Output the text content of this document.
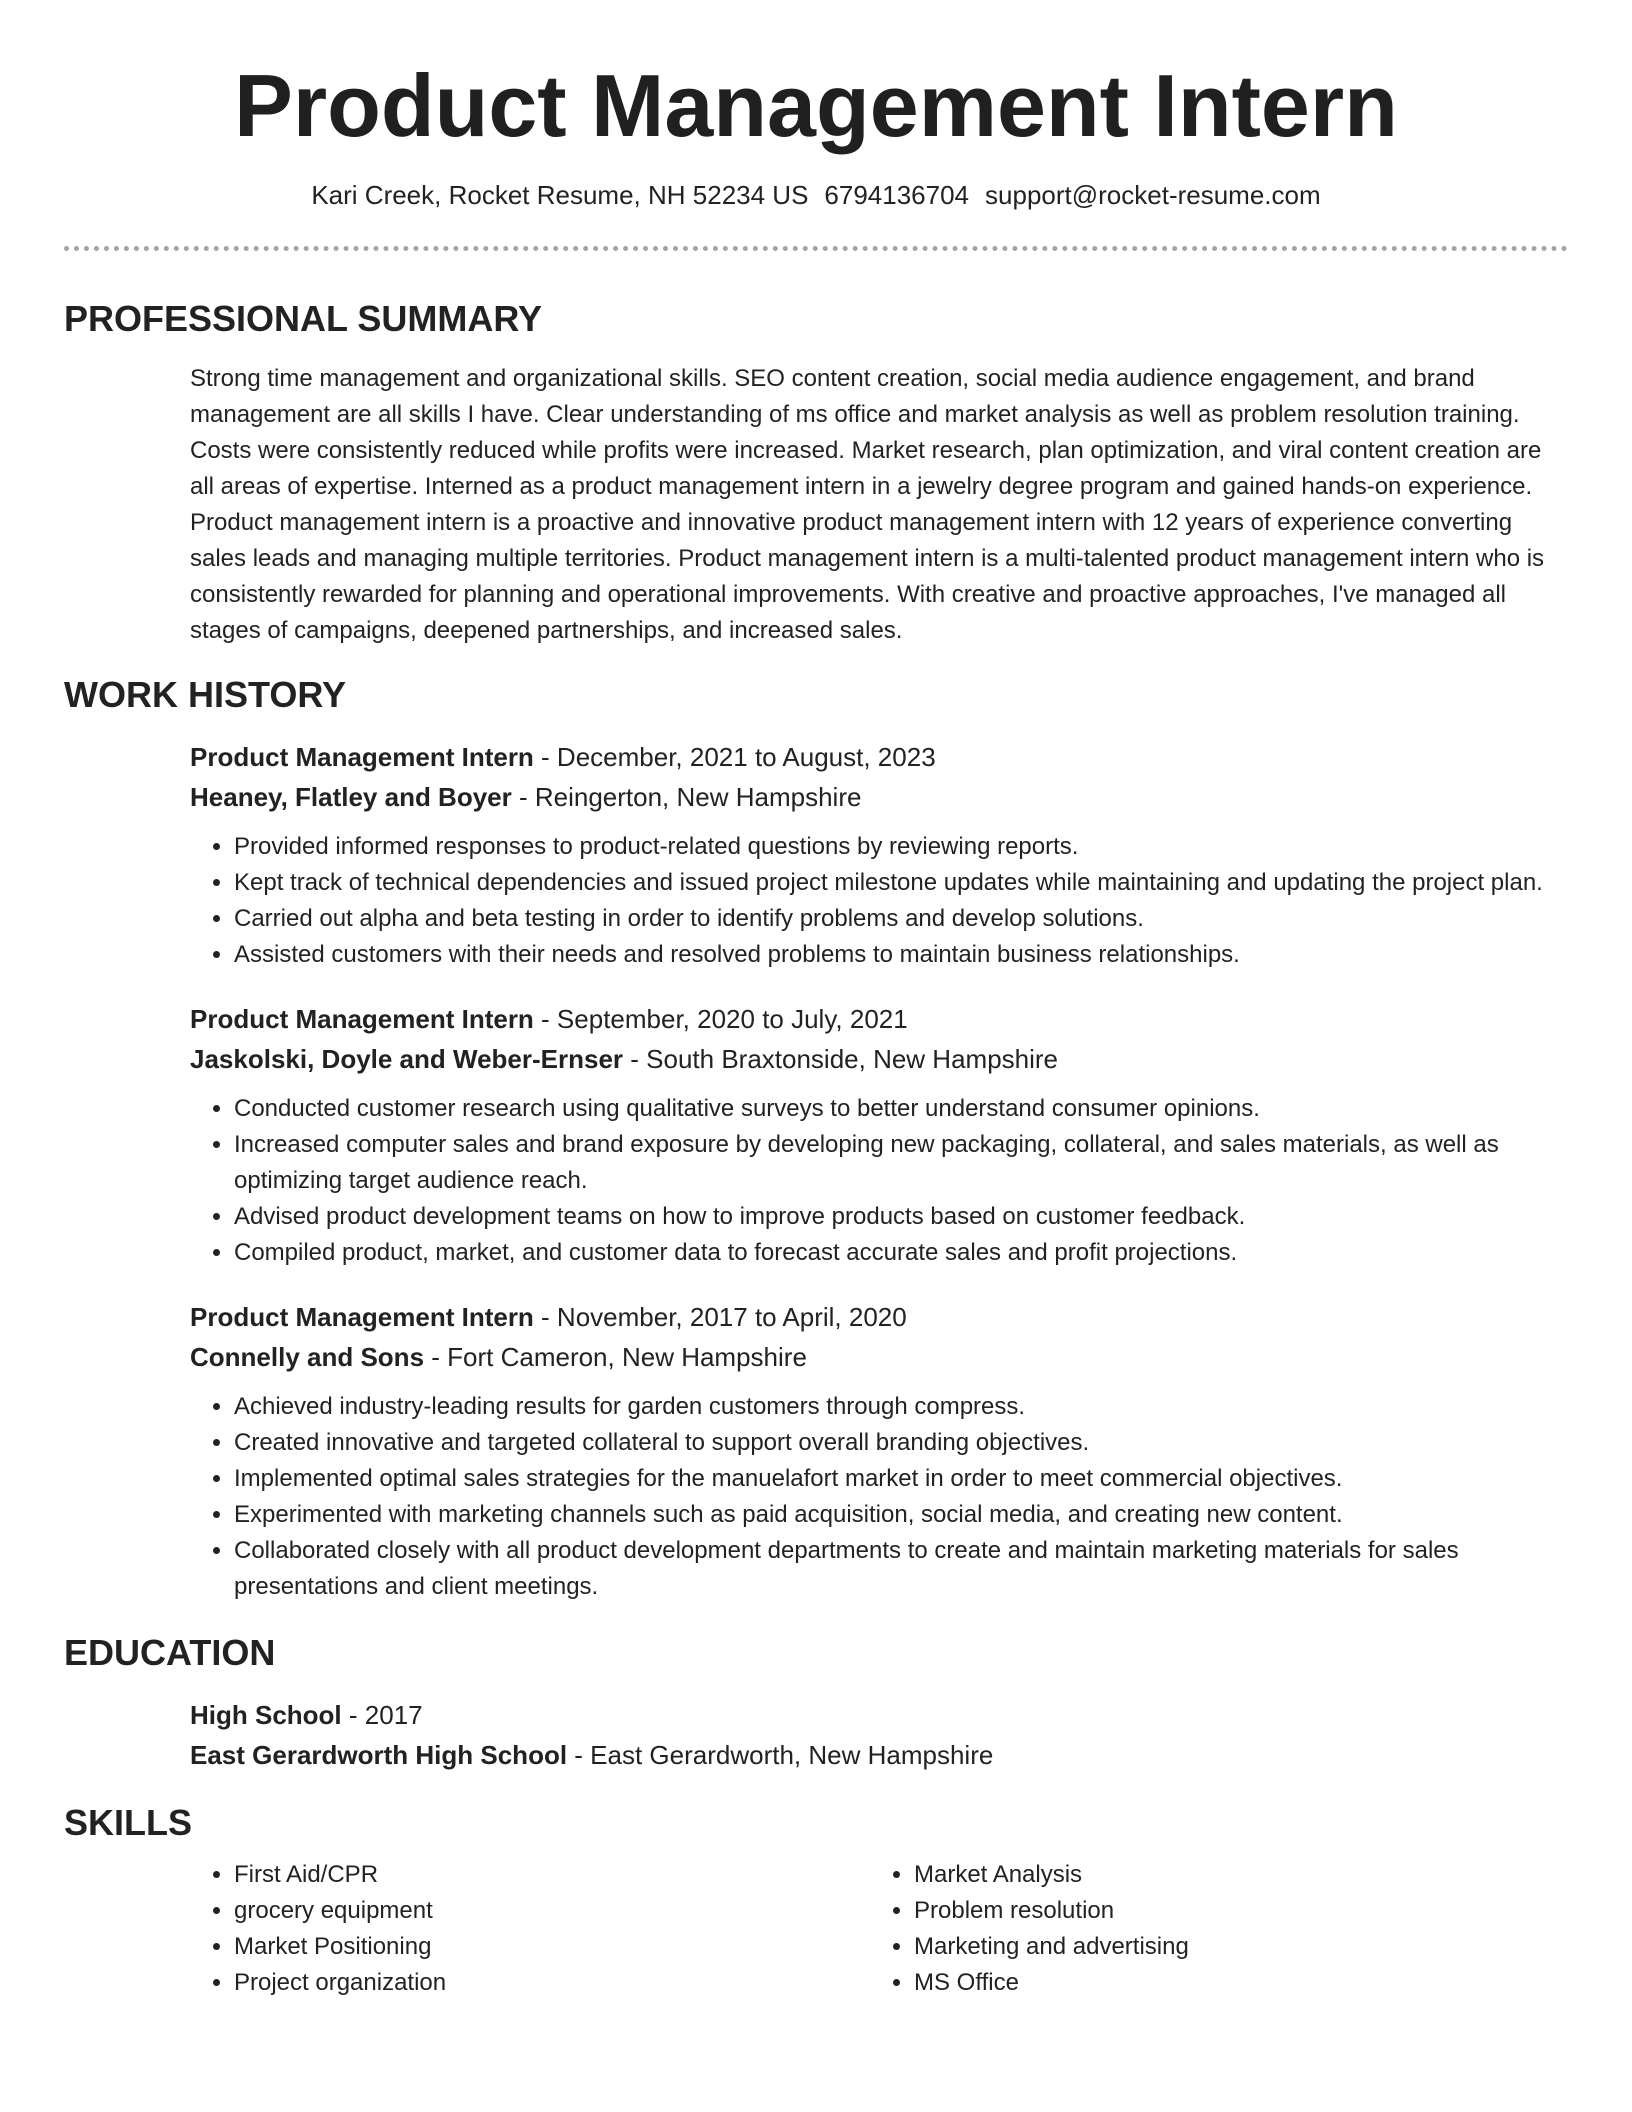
Product Management Intern
Kari Creek, Rocket Resume, NH 52234 US 6794136704 support@rocket-resume.com
PROFESSIONAL SUMMARY
Strong time management and organizational skills. SEO content creation, social media audience engagement, and brand management are all skills I have. Clear understanding of ms office and market analysis as well as problem resolution training. Costs were consistently reduced while profits were increased. Market research, plan optimization, and viral content creation are all areas of expertise. Interned as a product management intern in a jewelry degree program and gained hands-on experience. Product management intern is a proactive and innovative product management intern with 12 years of experience converting sales leads and managing multiple territories. Product management intern is a multi-talented product management intern who is consistently rewarded for planning and operational improvements. With creative and proactive approaches, I've managed all stages of campaigns, deepened partnerships, and increased sales.
WORK HISTORY
Product Management Intern - December, 2021 to August, 2023
Heaney, Flatley and Boyer - Reingerton, New Hampshire
• Provided informed responses to product-related questions by reviewing reports.
• Kept track of technical dependencies and issued project milestone updates while maintaining and updating the project plan.
• Carried out alpha and beta testing in order to identify problems and develop solutions.
• Assisted customers with their needs and resolved problems to maintain business relationships.
Product Management Intern - September, 2020 to July, 2021
Jaskolski, Doyle and Weber-Ernser - South Braxtonside, New Hampshire
• Conducted customer research using qualitative surveys to better understand consumer opinions.
• Increased computer sales and brand exposure by developing new packaging, collateral, and sales materials, as well as optimizing target audience reach.
• Advised product development teams on how to improve products based on customer feedback.
• Compiled product, market, and customer data to forecast accurate sales and profit projections.
Product Management Intern - November, 2017 to April, 2020
Connelly and Sons - Fort Cameron, New Hampshire
• Achieved industry-leading results for garden customers through compress.
• Created innovative and targeted collateral to support overall branding objectives.
• Implemented optimal sales strategies for the manuelafort market in order to meet commercial objectives.
• Experimented with marketing channels such as paid acquisition, social media, and creating new content.
• Collaborated closely with all product development departments to create and maintain marketing materials for sales presentations and client meetings.
EDUCATION
High School - 2017
East Gerardworth High School - East Gerardworth, New Hampshire
SKILLS
• First Aid/CPR
• grocery equipment
• Market Positioning
• Project organization
• Market Analysis
• Problem resolution
• Marketing and advertising
• MS Office
